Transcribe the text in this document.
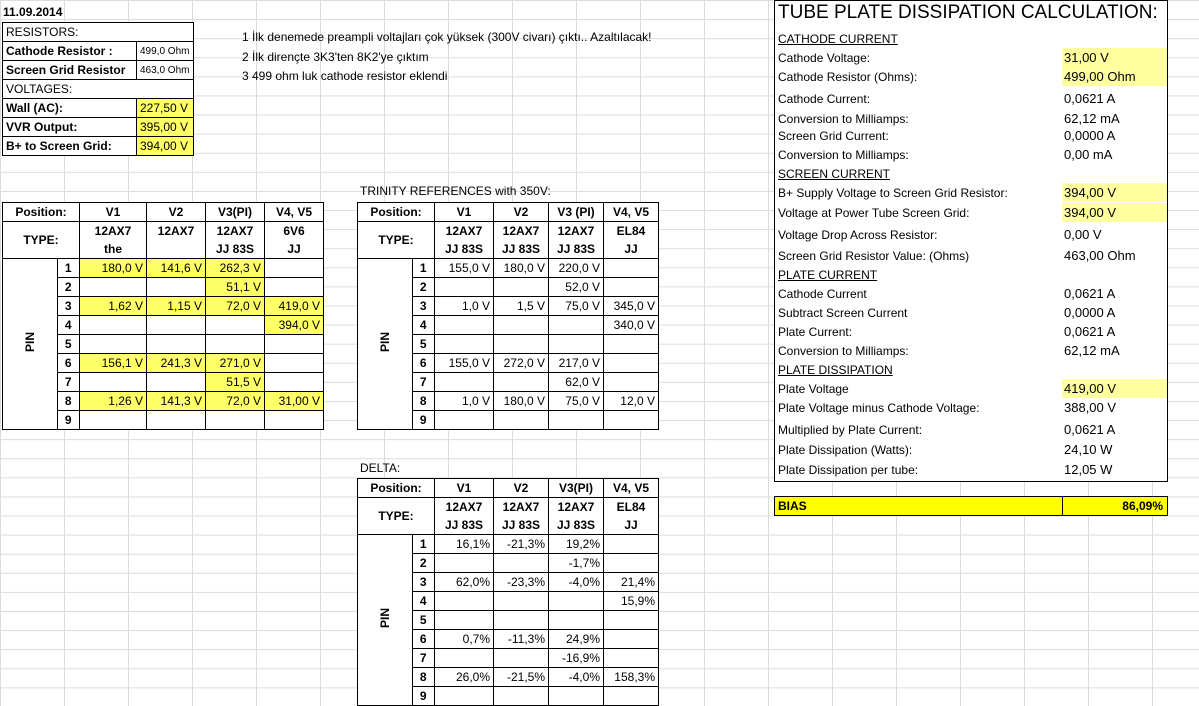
11.09.2014
RESISTORS:	
Cathode Resistor :	499,0 Ohm
Screen Grid Resistor	463,0 Ohm
VOLTAGES:	
Wall (AC):	227,50 V
VVR Output:	395,00 V
B+ to Screen Grid:	394,00 V
1 İlk denemede preampli voltajları çok yüksek (300V civarı) çıktı.. Azaltılacak!
2 İlk dirençte 3K3'ten 8K2'ye çıktım
3 499 ohm luk cathode resistor eklendi
Position:		V1	V2	V3(PI)	V4, V5
TYPE:		12AX7	12AX7	12AX7	6V6
		the		JJ 83S	JJ
PIN	1	180,0 V	141,6 V	262,3 V	
	2			51,1 V	
	3	1,62 V	1,15 V	72,0 V	419,0 V
	4				394,0 V
	5				
	6	156,1 V	241,3 V	271,0 V	
	7			51,5 V	
	8	1,26 V	141,3 V	72,0 V	31,00 V
	9				
TRINITY REFERENCES with 350V:
Position:		V1	V2	V3 (PI)	V4, V5
TYPE:		12AX7	12AX7	12AX7	EL84
		JJ 83S	JJ 83S	JJ 83S	JJ
PIN	1	155,0 V	180,0 V	220,0 V	
	2			52,0 V	
	3	1,0 V	1,5 V	75,0 V	345,0 V
	4				340,0 V
	5				
	6	155,0 V	272,0 V	217,0 V	
	7			62,0 V	
	8	1,0 V	180,0 V	75,0 V	12,0 V
	9				
DELTA:
Position:		V1	V2	V3(PI)	V4, V5
TYPE:		12AX7	12AX7	12AX7	EL84
		JJ 83S	JJ 83S	JJ 83S	JJ
PIN	1	16,1%	-21,3%	19,2%	
	2			-1,7%	
	3	62,0%	-23,3%	-4,0%	21,4%
	4				15,9%
	5				
	6	0,7%	-11,3%	24,9%	
	7			-16,9%	
	8	26,0%	-21,5%	-4,0%	158,3%
	9				
TUBE PLATE DISSIPATION CALCULATION:
CATHODE CURRENT
Cathode Voltage:	31,00 V
Cathode Resistor (Ohms):	499,00 Ohm
Cathode Current:	0,0621 A
Conversion to Milliamps:	62,12 mA
Screen Grid Current:	0,0000 A
Conversion to Milliamps:	0,00 mA
SCREEN CURRENT
B+ Supply Voltage to Screen Grid Resistor:	394,00 V
Voltage at Power Tube Screen Grid:	394,00 V
Voltage Drop Across Resistor:	0,00 V
Screen Grid Resistor Value: (Ohms)	463,00 Ohm
PLATE CURRENT
Cathode Current	0,0621 A
Subtract Screen Current	0,0000 A
Plate Current:	0,0621 A
Conversion to Milliamps:	62,12 mA
PLATE DISSIPATION
Plate Voltage	419,00 V
Plate Voltage minus Cathode Voltage:	388,00 V
Multiplied by Plate Current:	0,0621 A
Plate Dissipation (Watts):	24,10 W
Plate Dissipation per tube:	12,05 W
BIAS	86,09%
